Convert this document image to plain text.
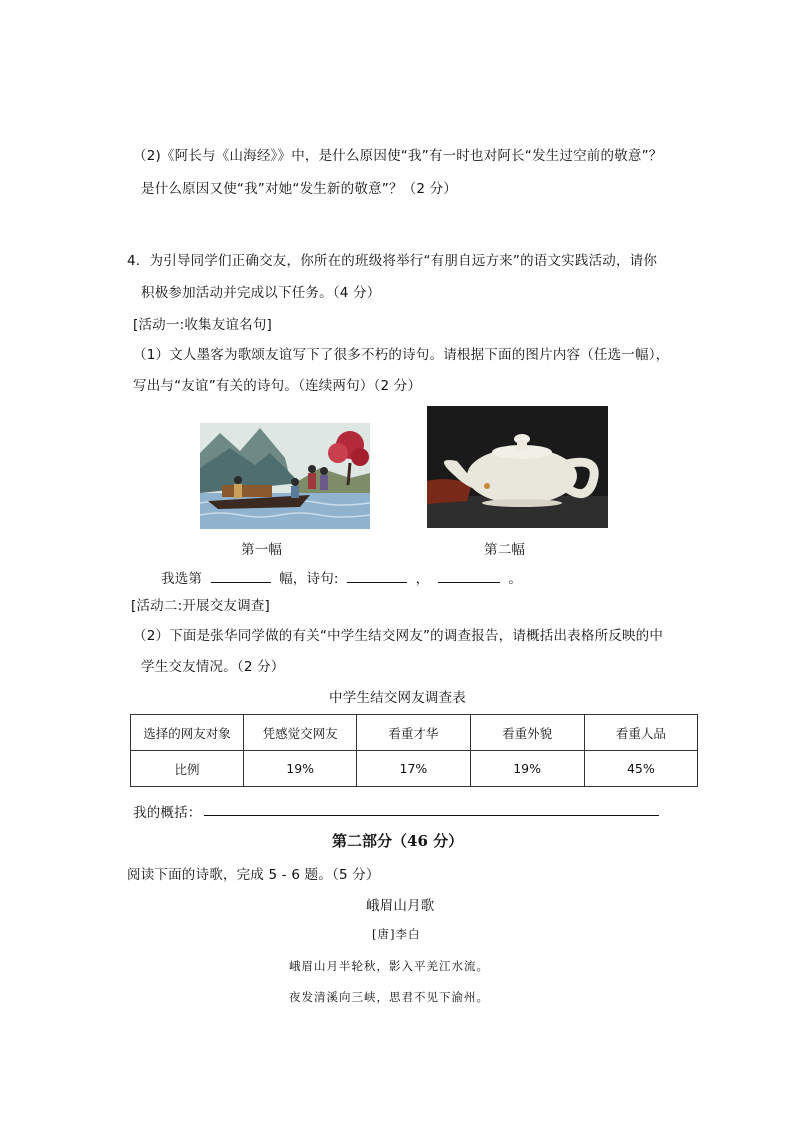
（2)《阿长与《山海经》》中，是什么原因使“我”有一时也对阿长“发生过空前的敬意”？
是什么原因又使“我”对她“发生新的敬意”？（2 分）
4．为引导同学们正确交友，你所在的班级将举行“有朋自远方来”的语文实践活动，请你
积极参加活动并完成以下任务。（4 分）
[活动一:收集友谊名句]
（1）文人墨客为歌颂友谊写下了很多不朽的诗句。请根据下面的图片内容（任选一幅），
写出与“友谊”有关的诗句。（连续两句）（2 分）
第一幅	第二幅
我选第	幅，诗句:	，	。
[活动二:开展交友调查]
（2）下面是张华同学做的有关“中学生结交网友”的调查报告，请概括出表格所反映的中
学生交友情况。（2 分）
中学生结交网友调查表
选择的网友对象	凭感觉交网友	看重才华	看重外貌	看重人品
比例	19%	17%	19%	45%
我的概括：
第二部分（46 分）
阅读下面的诗歌，完成 5 - 6 题。（5 分）
峨眉山月歌
[唐]李白
峨眉山月半轮秋，影入平羌江水流。
夜发清溪向三峡，思君不见下渝州。
